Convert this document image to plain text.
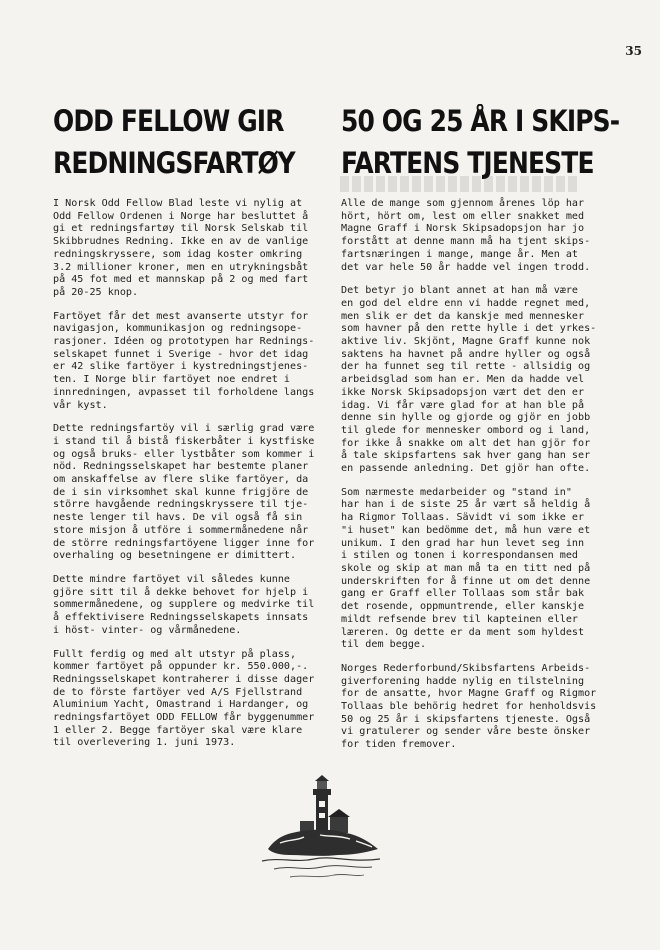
35
ODD FELLOW GIR
REDNINGSFARTØY

I Norsk Odd Fellow Blad leste vi nylig at
Odd Fellow Ordenen i Norge har besluttet å
gi et redningsfartøy til Norsk Selskab til
Skibbrudnes Redning. Ikke en av de vanlige
redningskryssere, som idag koster omkring
3.2 millioner kroner, men en utrykningsbåt
på 45 fot med et mannskap på 2 og med fart
på 20-25 knop.

Fartöyet får det mest avanserte utstyr for
navigasjon, kommunikasjon og redningsope-
rasjoner. Idéen og prototypen har Rednings-
selskapet funnet i Sverige - hvor det idag
er 42 slike fartöyer i kystredningstjenes-
ten. I Norge blir fartöyet noe endret i
innredningen, avpasset til forholdene langs
vår kyst.

Dette redningsfartöy vil i særlig grad være
i stand til å bistå fiskerbåter i kystfiske
og også bruks- eller lystbåter som kommer i
nöd. Redningsselskapet har bestemte planer
om anskaffelse av flere slike fartöyer, da
de i sin virksomhet skal kunne frigjöre de
större havgående redningskryssere til tje-
neste lenger til havs. De vil også få sin
store misjon å utföre i sommermånedene når
de större redningsfartöyene ligger inne for
overhaling og besetningene er dimittert.

Dette mindre fartöyet vil således kunne
gjöre sitt til å dekke behovet for hjelp i
sommermånedene, og supplere og medvirke til
å effektivisere Redningsselskapets innsats
i höst- vinter- og vårmånedene.

Fullt ferdig og med alt utstyr på plass,
kommer fartöyet på oppunder kr. 550.000,-.
Redningsselskapet kontraherer i disse dager
de to förste fartöyer ved A/S Fjellstrand
Aluminium Yacht, Omastrand i Hardanger, og
redningsfartöyet ODD FELLOW får byggenummer
1 eller 2. Begge fartöyer skal være klare
til overlevering 1. juni 1973.

50 OG 25 ÅR I SKIPS-
FARTENS TJENESTE

Alle de mange som gjennom årenes löp har
hört, hört om, lest om eller snakket med
Magne Graff i Norsk Skipsadopsjon har jo
forstått at denne mann må ha tjent skips-
fartsnæringen i mange, mange år. Men at
det var hele 50 år hadde vel ingen trodd.

Det betyr jo blant annet at han må være
en god del eldre enn vi hadde regnet med,
men slik er det da kanskje med mennesker
som havner på den rette hylle i det yrkes-
aktive liv. Skjönt, Magne Graff kunne nok
saktens ha havnet på andre hyller og også
der ha funnet seg til rette - allsidig og
arbeidsglad som han er. Men da hadde vel
ikke Norsk Skipsadopsjon vært det den er
idag. Vi får være glad for at han ble på
denne sin hylle og gjorde og gjör en jobb
til glede for mennesker ombord og i land,
for ikke å snakke om alt det han gjör for
å tale skipsfartens sak hver gang han ser
en passende anledning. Det gjör han ofte.

Som nærmeste medarbeider og "stand in"
har han i de siste 25 år vært så heldig å
ha Rigmor Tollaas. Sävidt vi som ikke er
"i huset" kan bedömme det, må hun være et
unikum. I den grad har hun levet seg inn
i stilen og tonen i korrespondansen med
skole og skip at man må ta en titt ned på
underskriften for å finne ut om det denne
gang er Graff eller Tollaas som står bak
det rosende, oppmuntrende, eller kanskje
mildt refsende brev til kapteinen eller
læreren. Og dette er da ment som hyldest
til dem begge.

Norges Rederforbund/Skibsfartens Arbeids-
giverforening hadde nylig en tilstelning
for de ansatte, hvor Magne Graff og Rigmor
Tollaas ble behörig hedret for henholdsvis
50 og 25 år i skipsfartens tjeneste. Også
vi gratulerer og sender våre beste önsker
for tiden fremover.
